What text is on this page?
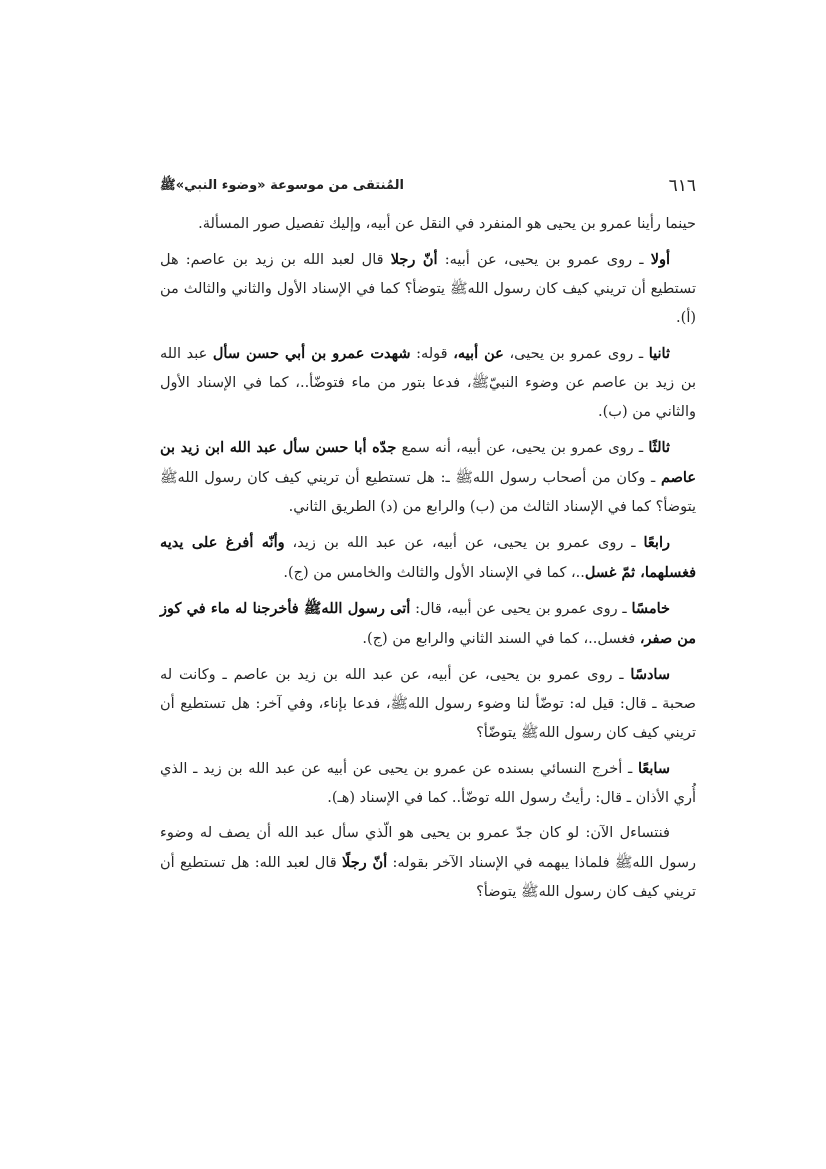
٦١٦
المُنتقى من موسوعة «وضوء النبي»ﷺ

حينما رأينا عمرو بن يحيى هو المنفرد في النقل عن أبيه، وإليك تفصيل صور المسألة.

أولا ـ روى عمرو بن يحيى، عن أبيه: أنّ رجلا قال لعبد الله بن زيد بن عاصم: هل تستطيع أن تريني كيف كان رسول اللهﷺ يتوضأ؟ كما في الإسناد الأول والثاني والثالث من (أ).

ثانيا ـ روى عمرو بن يحيى، عن أبيه، قوله: شهدت عمرو بن أبي حسن سأل عبد الله بن زيد بن عاصم عن وضوء النبيّﷺ، فدعا بتور من ماء فتوضّأ..، كما في الإسناد الأول والثاني من (ب).

ثالثًا ـ روى عمرو بن يحيى، عن أبيه، أنه سمع جدّه أبا حسن سأل عبد الله ابن زيد بن عاصم ـ وكان من أصحاب رسول اللهﷺ ـ: هل تستطيع أن تريني كيف كان رسول اللهﷺ يتوضأ؟ كما في الإسناد الثالث من (ب) والرابع من (د) الطريق الثاني.

رابعًا ـ روى عمرو بن يحيى، عن أبيه، عن عبد الله بن زيد، وأنّه أفرغ على يديه فغسلهما، ثمّ غسل..، كما في الإسناد الأول والثالث والخامس من (ج).

خامسًا ـ روى عمرو بن يحيى عن أبيه، قال: أتى رسول اللهﷺ فأخرجنا له ماء في كوز من صفر، فغسل..، كما في السند الثاني والرابع من (ج).

سادسًا ـ روى عمرو بن يحيى، عن أبيه، عن عبد الله بن زيد بن عاصم ـ وكانت له صحبة ـ قال: قيل له: توضّأ لنا وضوء رسول اللهﷺ، فدعا بإناء، وفي آخر: هل تستطيع أن تريني كيف كان رسول اللهﷺ يتوضّأ؟

سابعًا ـ أخرج النسائي بسنده عن عمرو بن يحيى عن أبيه عن عبد الله بن زيد ـ الذي أُري الأذان ـ قال: رأيتُ رسول الله توضّأ.. كما في الإسناد (هـ).

فنتساءل الآن: لو كان جدّ عمرو بن يحيى هو الّذي سأل عبد الله أن يصف له وضوء رسول اللهﷺ فلماذا يبهمه في الإسناد الآخر بقوله: أنّ رجلًا قال لعبد الله: هل تستطيع أن تريني كيف كان رسول اللهﷺ يتوضأ؟
